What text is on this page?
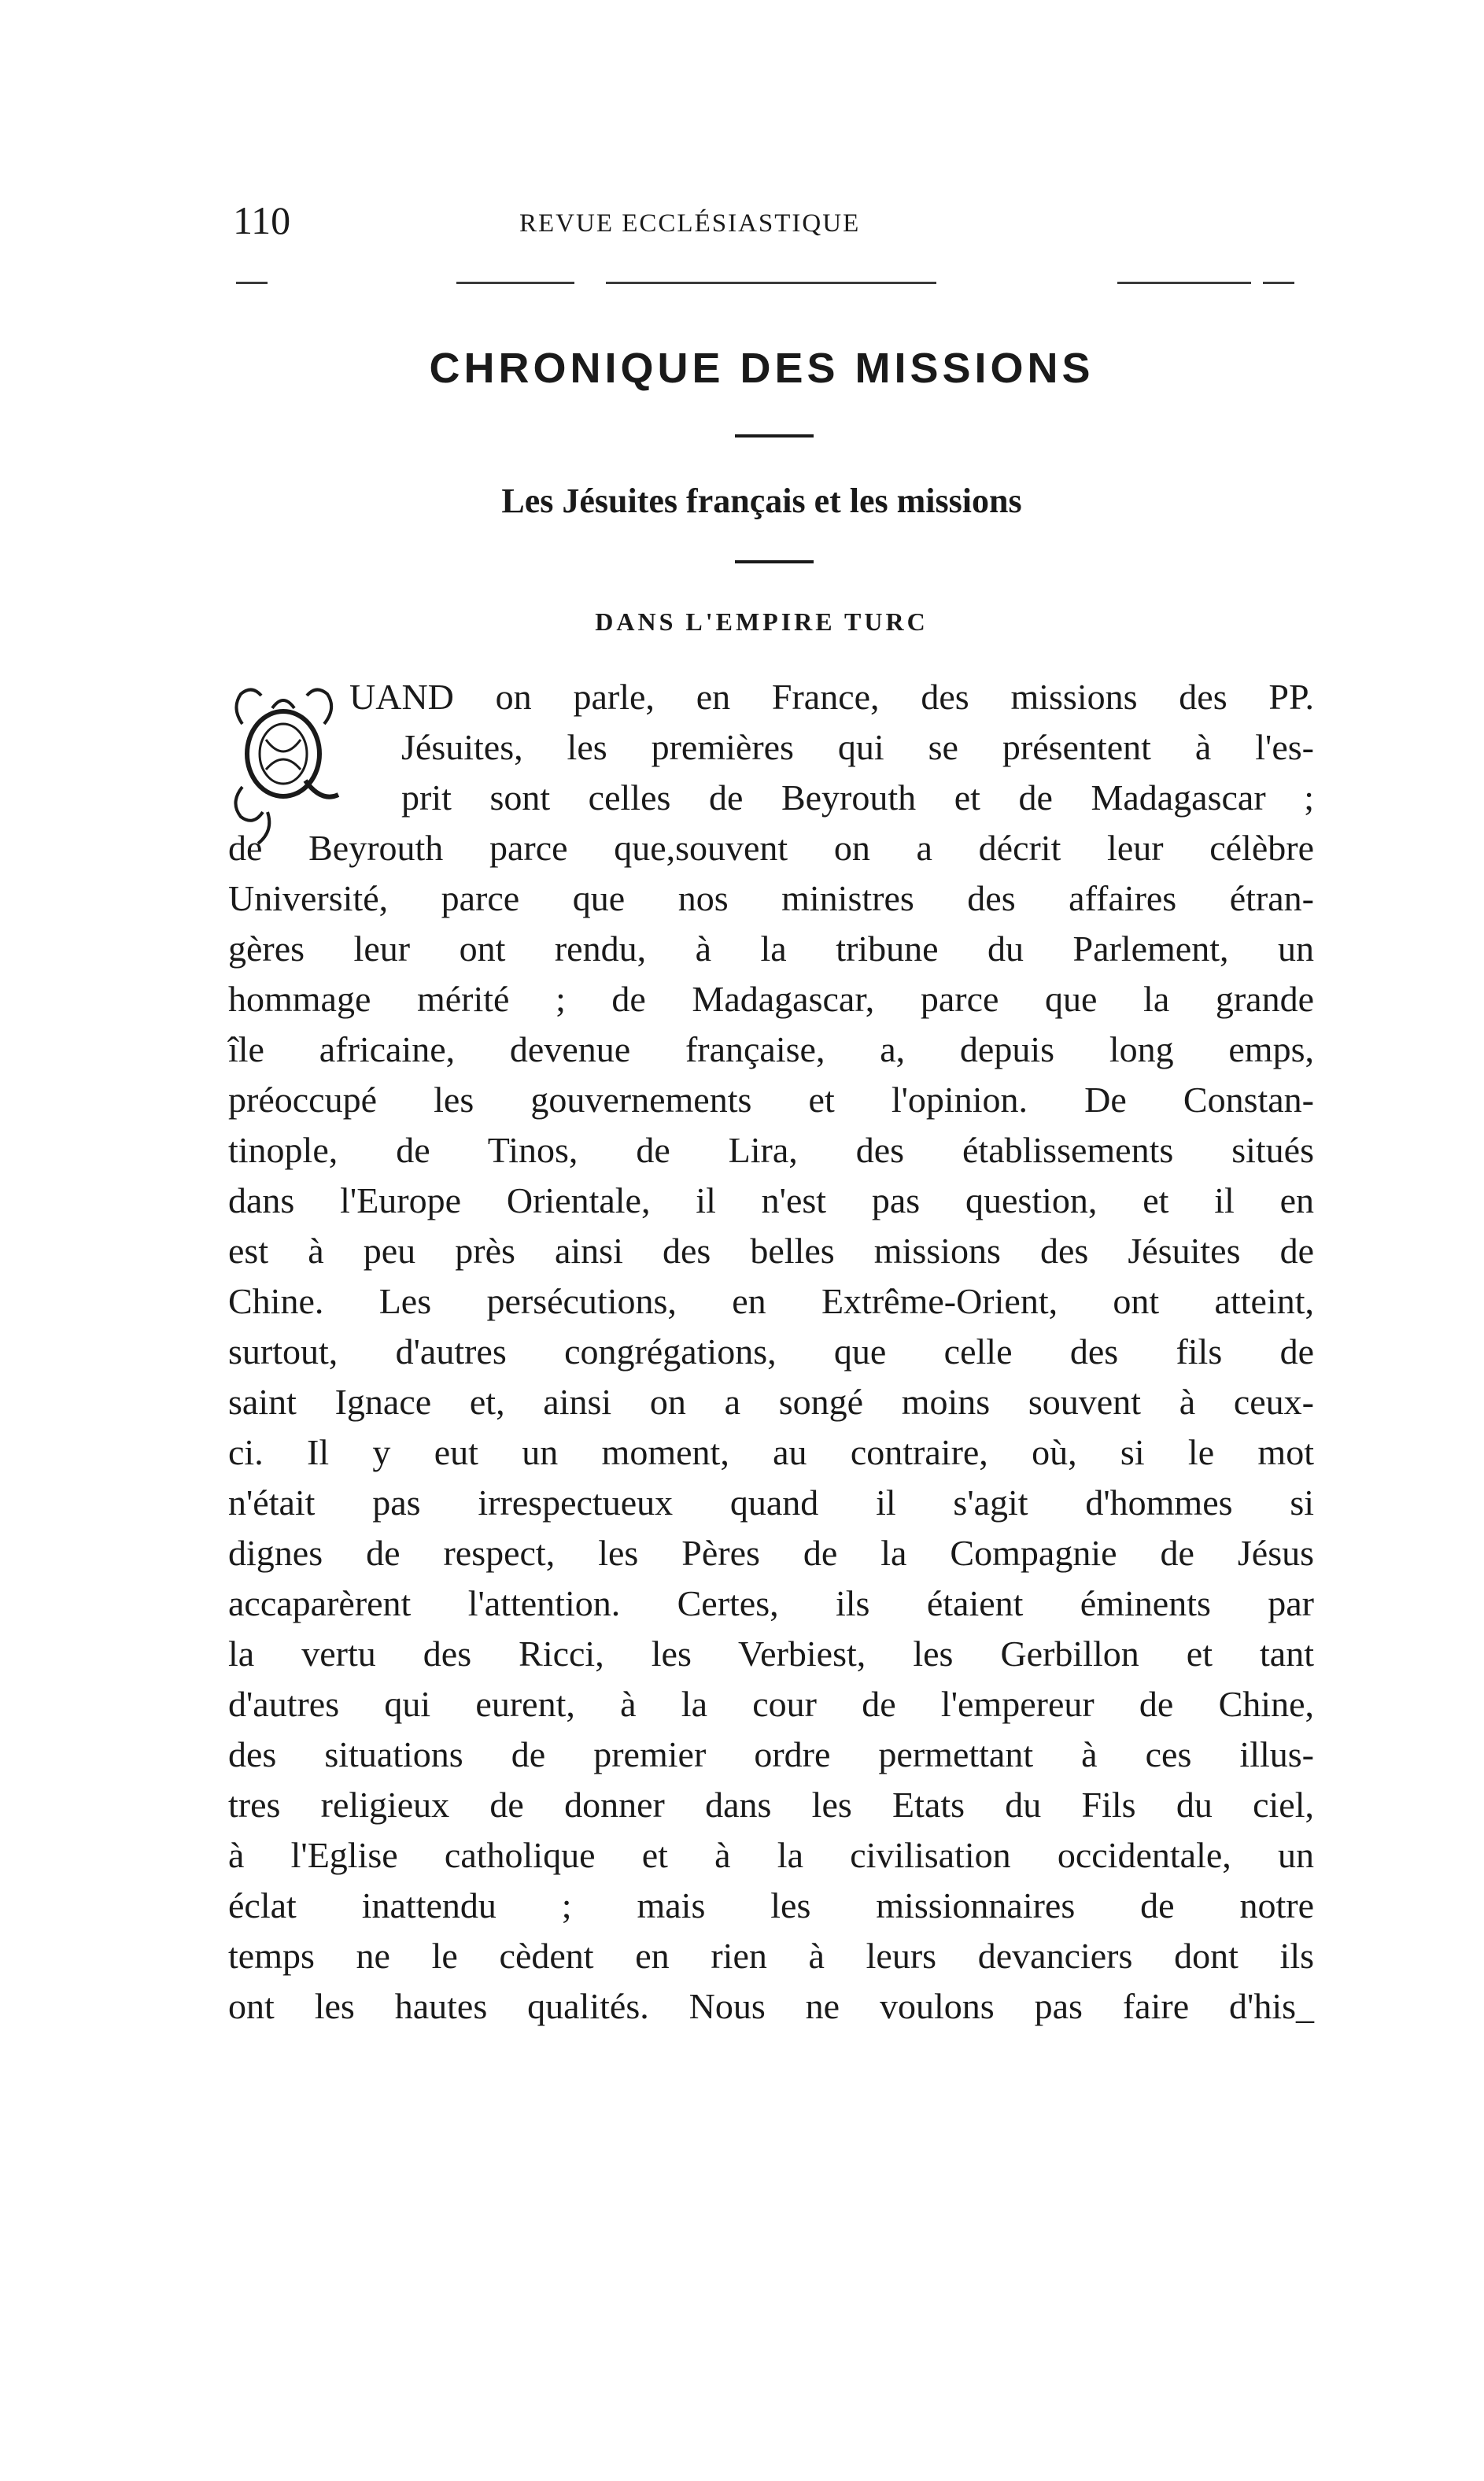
110	REVUE ECCLÉSIASTIQUE
CHRONIQUE DES MISSIONS
Les Jésuites français et les missions
DANS L'EMPIRE TURC
UAND on parle, en France, des missions des PP.
Jésuites, les premières qui se présentent à l'es-
prit sont celles de Beyrouth et de Madagascar ;
de Beyrouth parce que,souvent on a décrit leur célèbre
Université, parce que nos ministres des affaires étran-
gères leur ont rendu, à la tribune du Parlement, un
hommage mérité ; de Madagascar, parce que la grande
île africaine, devenue française, a, depuis long emps,
préoccupé les gouvernements et l'opinion. De Constan-
tinople, de Tinos, de Lira, des établissements situés
dans l'Europe Orientale, il n'est pas question, et il en
est à peu près ainsi des belles missions des Jésuites de
Chine. Les persécutions, en Extrême-Orient, ont atteint,
surtout, d'autres congrégations, que celle des fils de
saint Ignace et, ainsi on a songé moins souvent à ceux-
ci. Il y eut un moment, au contraire, où, si le mot
n'était pas irrespectueux quand il s'agit d'hommes si
dignes de respect, les Pères de la Compagnie de Jésus
accaparèrent l'attention. Certes, ils étaient éminents par
la vertu des Ricci, les Verbiest, les Gerbillon et tant
d'autres qui eurent, à la cour de l'empereur de Chine,
des situations de premier ordre permettant à ces illus-
tres religieux de donner dans les Etats du Fils du ciel,
à l'Eglise catholique et à la civilisation occidentale, un
éclat inattendu ; mais les missionnaires de notre
temps ne le cèdent en rien à leurs devanciers dont ils
ont les hautes qualités. Nous ne voulons pas faire d'his_
